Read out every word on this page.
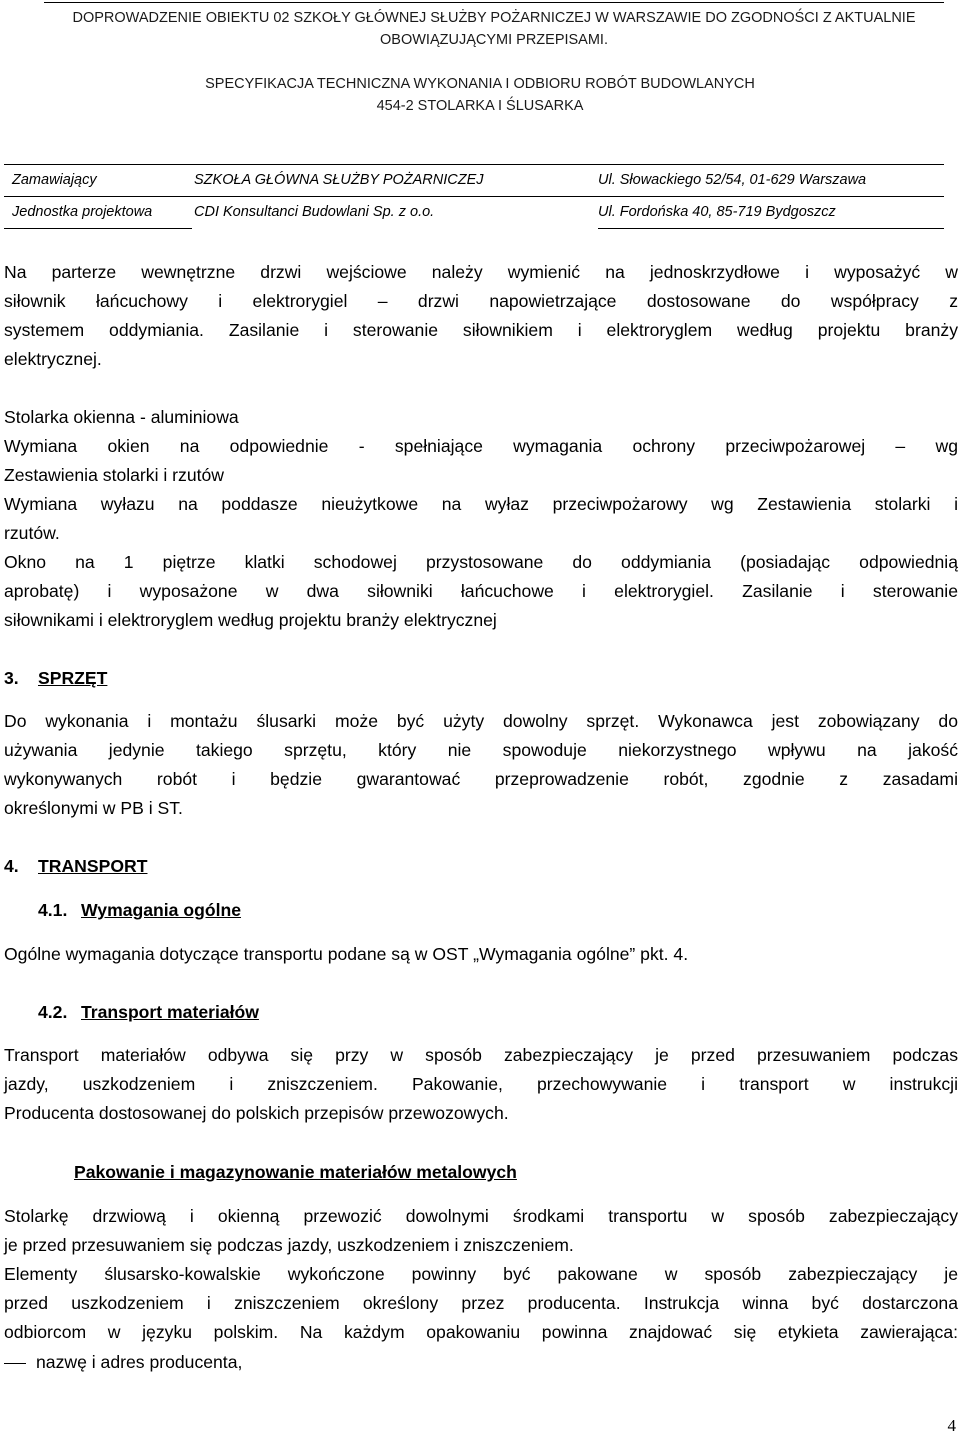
DOPROWADZENIE OBIEKTU 02 SZKOŁY GŁÓWNEJ SŁUŻBY POŻARNICZEJ W WARSZAWIE DO ZGODNOŚCI Z AKTUALNIE
OBOWIĄZUJĄCYMI PRZEPISAMI.
SPECYFIKACJA TECHNICZNA WYKONANIA I ODBIORU ROBÓT BUDOWLANYCH
454-2 STOLARKA I ŚLUSARKA
Zamawiający	SZKOŁA GŁÓWNA SŁUŻBY POŻARNICZEJ	Ul. Słowackiego 52/54, 01-629 Warszawa
Jednostka projektowa	CDI Konsultanci Budowlani Sp. z o.o.	Ul. Fordońska 40, 85-719 Bydgoszcz
Na parterze wewnętrzne drzwi wejściowe należy wymienić na jednoskrzydłowe i wyposażyć w
siłownik łańcuchowy i elektrorygiel – drzwi napowietrzające dostosowane do współpracy z
systemem oddymiania. Zasilanie i sterowanie siłownikiem i elektroryglem według projektu branży
elektrycznej.
Stolarka okienna - aluminiowa
Wymiana okien na odpowiednie - spełniające wymagania ochrony przeciwpożarowej – wg
Zestawienia stolarki i rzutów
Wymiana wyłazu na poddasze nieużytkowe na wyłaz przeciwpożarowy wg Zestawienia stolarki i
rzutów.
Okno na 1 piętrze klatki schodowej przystosowane do oddymiania (posiadając odpowiednią
aprobatę) i wyposażone w dwa siłowniki łańcuchowe i elektrorygiel. Zasilanie i sterowanie
siłownikami i elektroryglem według projektu branży elektrycznej
3. SPRZĘT
Do wykonania i montażu ślusarki może być użyty dowolny sprzęt. Wykonawca jest zobowiązany do
używania jedynie takiego sprzętu, który nie spowoduje niekorzystnego wpływu na jakość
wykonywanych robót i będzie gwarantować przeprowadzenie robót, zgodnie z zasadami
określonymi w PB i ST.
4. TRANSPORT
4.1. Wymagania ogólne
Ogólne wymagania dotyczące transportu podane są w OST „Wymagania ogólne” pkt. 4.
4.2. Transport materiałów
Transport materiałów odbywa się przy w sposób zabezpieczający je przed przesuwaniem podczas
jazdy, uszkodzeniem i zniszczeniem. Pakowanie, przechowywanie i transport w instrukcji
Producenta dostosowanej do polskich przepisów przewozowych.
Pakowanie i magazynowanie materiałów metalowych
Stolarkę drzwiową i okienną przewozić dowolnymi środkami transportu w sposób zabezpieczający
je przed przesuwaniem się podczas jazdy, uszkodzeniem i zniszczeniem.
Elementy ślusarsko-kowalskie wykończone powinny być pakowane w sposób zabezpieczający je
przed uszkodzeniem i zniszczeniem określony przez producenta. Instrukcja winna być dostarczona
odbiorcom w języku polskim. Na każdym opakowaniu powinna znajdować się etykieta zawierająca:
nazwę i adres producenta,
4
